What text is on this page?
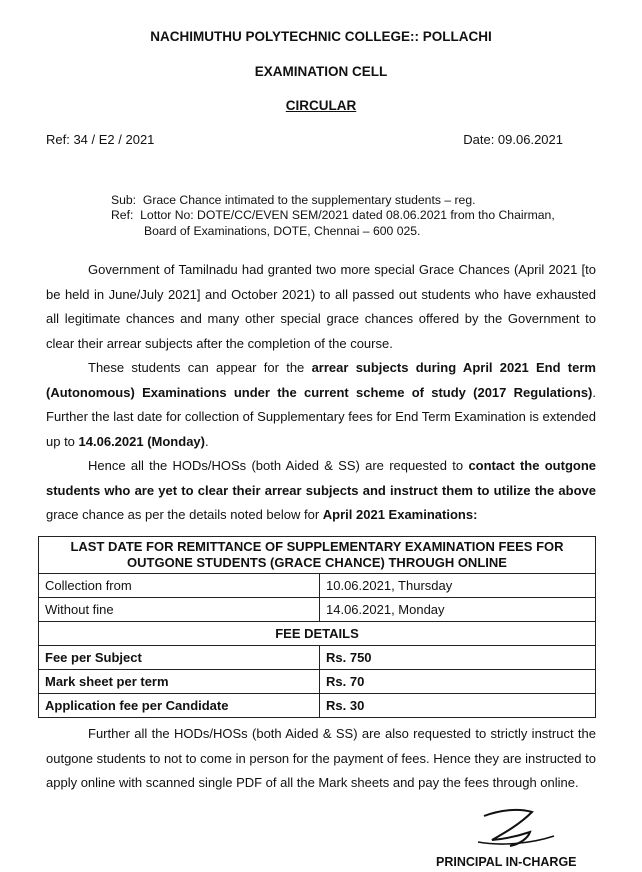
NACHIMUTHU POLYTECHNIC COLLEGE:: POLLACHI
EXAMINATION CELL
CIRCULAR
Ref: 34 / E2 / 2021	Date: 09.06.2021
Sub: Grace Chance intimated to the supplementary students – reg.
Ref: Lottor No: DOTE/CC/EVEN SEM/2021 dated 08.06.2021 from tho Chairman,
Board of Examinations, DOTE, Chennai – 600 025.

Government of Tamilnadu had granted two more special Grace Chances (April 2021 [to be held in June/July 2021] and October 2021) to all passed out students who have exhausted all legitimate chances and many other special grace chances offered by the Government to clear their arrear subjects after the completion of the course.

These students can appear for the arrear subjects during April 2021 End term (Autonomous) Examinations under the current scheme of study (2017 Regulations). Further the last date for collection of Supplementary fees for End Term Examination is extended up to 14.06.2021 (Monday).

Hence all the HODs/HOSs (both Aided & SS) are requested to contact the outgone students who are yet to clear their arrear subjects and instruct them to utilize the above grace chance as per the details noted below for April 2021 Examinations:

LAST DATE FOR REMITTANCE OF SUPPLEMENTARY EXAMINATION FEES FOR OUTGONE STUDENTS (GRACE CHANCE) THROUGH ONLINE	
Collection from	10.06.2021, Thursday
Without fine	14.06.2021, Monday
FEE DETAILS	
Fee per Subject	Rs. 750
Mark sheet per term	Rs. 70
Application fee per Candidate	Rs. 30

Further all the HODs/HOSs (both Aided & SS) are also requested to strictly instruct the outgone students to not to come in person for the payment of fees. Hence they are instructed to apply online with scanned single PDF of all the Mark sheets and pay the fees through online.

PRINCIPAL IN-CHARGE
